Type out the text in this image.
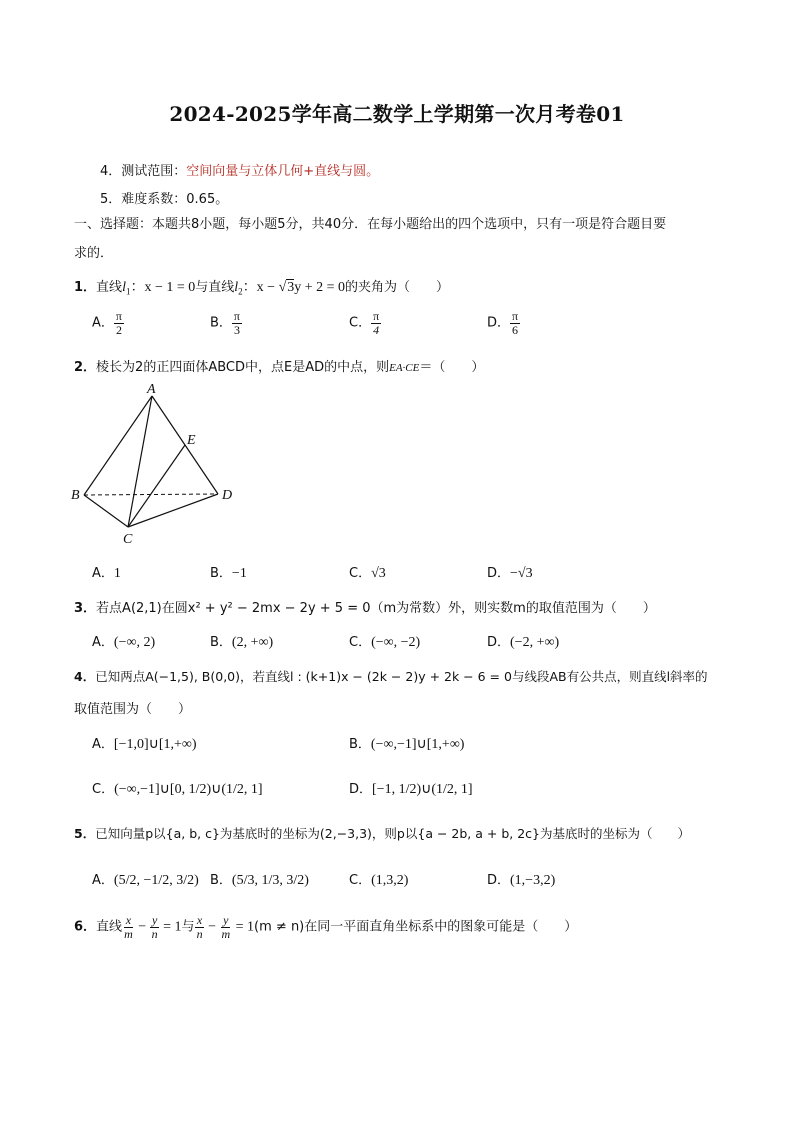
2024-2025学年高二数学上学期第一次月考卷01
4．测试范围：空间向量与立体几何+直线与圆。
5．难度系数：0.65。
一、选择题：本题共8小题，每小题5分，共40分．在每小题给出的四个选项中，只有一项是符合题目要
求的．
1．直线$l_1$：x − 1 = 0与直线$l_2$：x − √3y + 2 = 0的夹角为（　　）
A． $\frac{\pi}{2}$	B． $\frac{\pi}{3}$	C． $\frac{\pi}{4}$	D． $\frac{\pi}{6}$
2．棱长为2的正四面体ABCD中，点E是AD的中点，则EA·CE＝（　　）
A
B
C
D
E
A．1	B．−1	C．√3	D．−√3
3．若点A(2,1)在圆x² + y² − 2mx − 2y + 5 = 0（m为常数）外，则实数m的取值范围为（　　）
A．(−∞, 2)	B．(2, +∞)	C．(−∞, −2)	D．(−2, +∞)
4．已知两点A(−1,5), B(0,0)，若直线l : (k+1)x − (2k − 2)y + 2k − 6 = 0与线段AB有公共点，则直线l斜率的
取值范围为（　　）
A．[−1,0]∪[1,+∞)	B．(−∞,−1]∪[1,+∞)
C．(−∞,−1]∪[0, 1/2)∪(1/2, 1]	D．[−1, 1/2)∪(1/2, 1]
5．已知向量p以{a, b, c}为基底时的坐标为(2,−3,3)，则p以{a − 2b, a + b, 2c}为基底时的坐标为（　　）
A．(5/2, −1/2, 3/2) B．(5/3, 1/3, 3/2)	C．(1,3,2)	D．(1,−3,2)
6．直线 $\frac{x}{m} - \frac{y}{n} = 1$与 $\frac{x}{n} - \frac{y}{m} = 1(m \ne n)$在同一平面直角坐标系中的图象可能是（　　）
